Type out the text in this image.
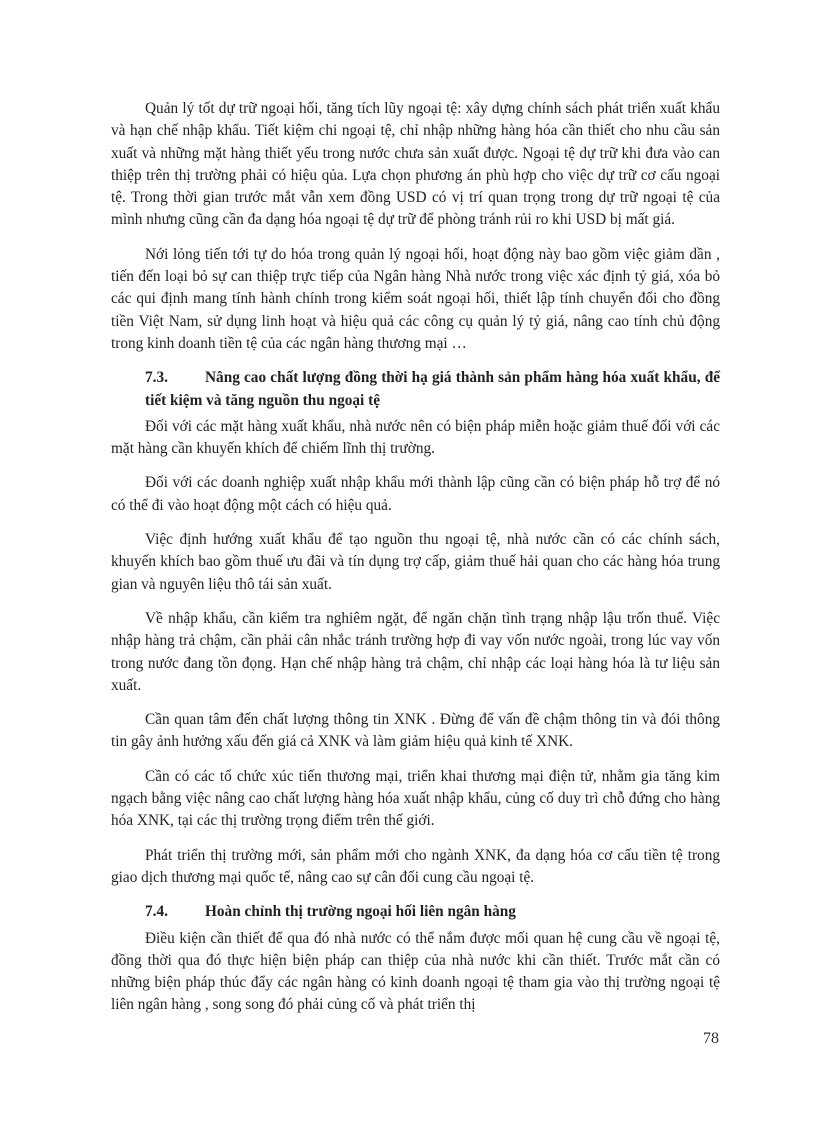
Quản lý tốt dự trữ ngoại hối, tăng tích lũy ngoại tệ: xây dựng chính sách phát triển xuất khẩu và hạn chế nhập khẩu. Tiết kiệm chi ngoại tệ, chỉ nhập những hàng hóa cần thiết cho nhu cầu sản xuất và những mặt hàng thiết yếu trong nước chưa sản xuất được. Ngoại tệ dự trữ khi đưa vào can thiệp trên thị trường phải có hiệu qủa. Lựa chọn phương án phù hợp cho việc dự trữ cơ cấu ngoại tệ. Trong thời gian trước mắt vẫn xem đồng USD có vị trí quan trọng trong dự trữ ngoại tệ của mình nhưng cũng cần đa dạng hóa ngoại tệ dự trữ để phòng tránh rủi ro khi USD bị mất giá.

Nới lỏng tiến tới tự do hóa trong quản lý ngoại hối, hoạt động này bao gồm việc giảm dần , tiến đến loại bỏ sự can thiệp trực tiếp của Ngân hàng Nhà nước trong việc xác định tỷ giá, xóa bỏ các qui định mang tính hành chính trong kiểm soát ngoại hối, thiết lập tính chuyển đổi cho đồng tiền Việt Nam, sử dụng linh hoạt và hiệu quả các công cụ quản lý tỷ giá, nâng cao tính chủ động trong kinh doanh tiền tệ của các ngân hàng thương mại …

7.3. Nâng cao chất lượng đồng thời hạ giá thành sản phẩm hàng hóa xuất khẩu, để tiết kiệm và tăng nguồn thu ngoại tệ

Đối với các mặt hàng xuất khẩu, nhà nước nên có biện pháp miễn hoặc giảm thuế đối với các mặt hàng cần khuyến khích để chiếm lĩnh thị trường.

Đối với các doanh nghiệp xuất nhập khẩu mới thành lập cũng cần có biện pháp hỗ trợ để nó có thể đi vào hoạt động một cách có hiệu quả.

Việc định hướng xuất khẩu để tạo nguồn thu ngoại tệ, nhà nước cần có các chính sách, khuyến khích bao gồm thuế ưu đãi và tín dụng trợ cấp, giảm thuế hải quan cho các hàng hóa trung gian và nguyên liệu thô tái sản xuất.

Về nhập khẩu, cần kiểm tra nghiêm ngặt, để ngăn chặn tình trạng nhập lậu trốn thuế. Việc nhập hàng trả chậm, cần phải cân nhắc tránh trường hợp đi vay vốn nước ngoài, trong lúc vay vốn trong nước đang tồn đọng. Hạn chế nhập hàng trả chậm, chỉ nhập các loại hàng hóa là tư liệu sản xuất.

Cần quan tâm đến chất lượng thông tin XNK . Đừng để vấn đề chậm thông tin và đói thông tin gây ảnh hưởng xấu đến giá cả XNK và làm giảm hiệu quả kinh tế XNK.

Cần có các tổ chức xúc tiến thương mại, triển khai thương mại điện tử, nhằm gia tăng kim ngạch bằng việc nâng cao chất lượng hàng hóa xuất nhập khẩu, củng cố duy trì chỗ đứng cho hàng hóa XNK, tại các thị trường trọng điểm trên thế giới.

Phát triển thị trường mới, sản phẩm mới cho ngành XNK, đa dạng hóa cơ cấu tiền tệ trong giao dịch thương mại quốc tế, nâng cao sự cân đối cung cầu ngoại tệ.

7.4. Hoàn chỉnh thị trường ngoại hối liên ngân hàng

Điều kiện cần thiết để qua đó nhà nước có thể nắm được mối quan hệ cung cầu về ngoại tệ, đồng thời qua đó thực hiện biện pháp can thiệp của nhà nước khi cần thiết. Trước mắt cần có những biện pháp thúc đẩy các ngân hàng có kinh doanh ngoại tệ tham gia vào thị trường ngoại tệ liên ngân hàng , song song đó phải củng cố và phát triển thị

78
